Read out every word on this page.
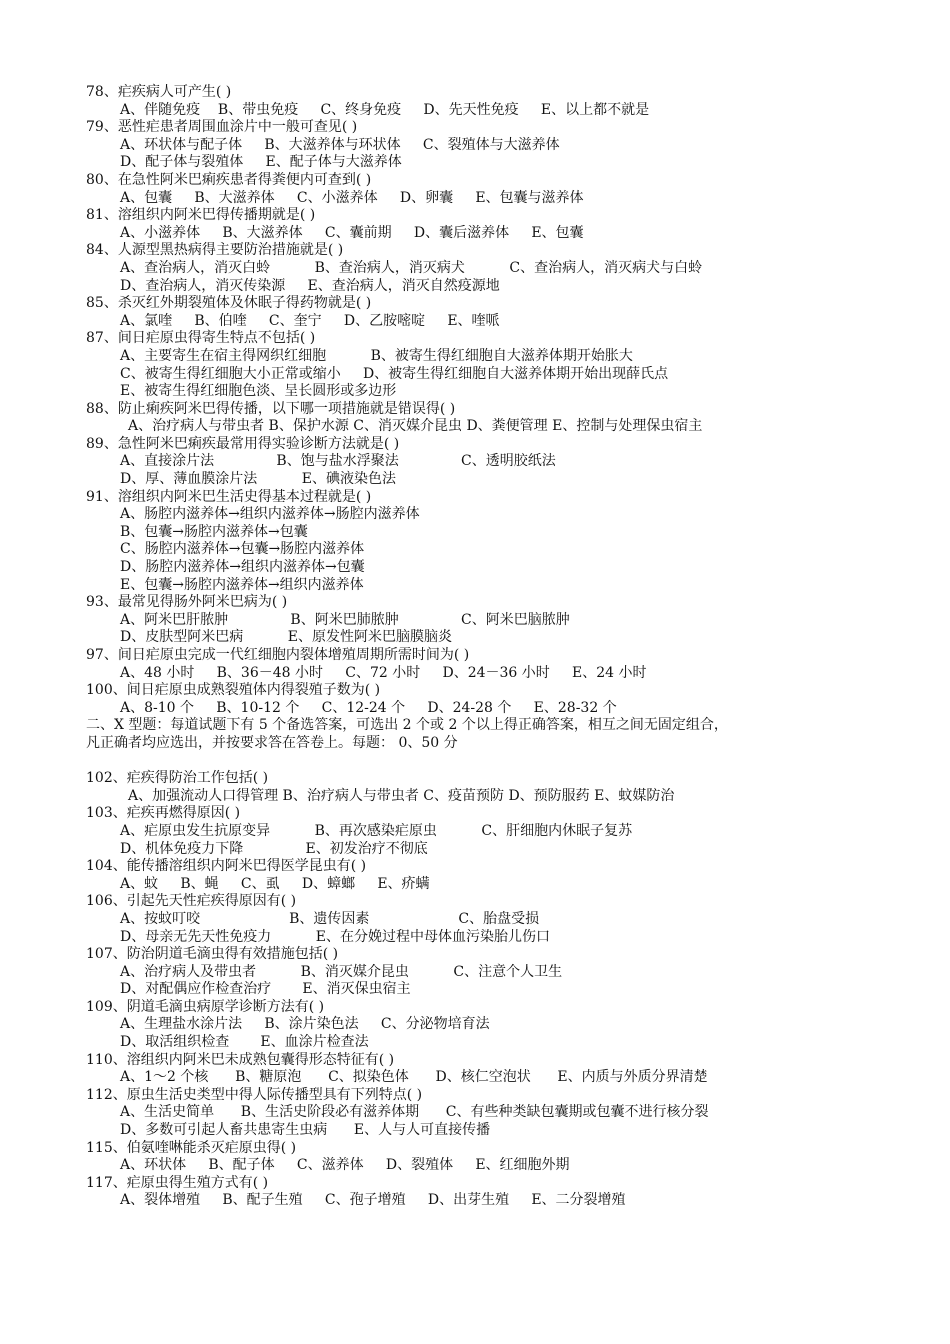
78、疟疾病人可产生( )
A、伴随免疫    B、带虫免疫     C、终身免疫     D、先天性免疫     E、以上都不就是
79、恶性疟患者周围血涂片中一般可查见( )
A、环状体与配子体     B、大滋养体与环状体     C、裂殖体与大滋养体
D、配子体与裂殖体     E、配子体与大滋养体
80、在急性阿米巴痢疾患者得粪便内可查到( )
A、包囊     B、大滋养体     C、小滋养体     D、卵囊     E、包囊与滋养体
81、溶组织内阿米巴得传播期就是( )
A、小滋养体     B、大滋养体     C、囊前期     D、囊后滋养体     E、包囊
84、人源型黑热病得主要防治措施就是( )
A、查治病人，消灭白蛉          B、查治病人，消灭病犬          C、查治病人，消灭病犬与白蛉
D、查治病人，消灭传染源     E、查治病人，消灭自然疫源地
85、杀灭红外期裂殖体及休眠子得药物就是( )
A、氯喹     B、伯喹     C、奎宁     D、乙胺嘧啶     E、喹哌
87、间日疟原虫得寄生特点不包括( )
A、主要寄生在宿主得网织红细胞          B、被寄生得红细胞自大滋养体期开始胀大
C、被寄生得红细胞大小正常或缩小     D、被寄生得红细胞自大滋养体期开始出现薛氏点
E、被寄生得红细胞色淡、呈长圆形或多边形
88、防止痢疾阿米巴得传播，以下哪一项措施就是错误得( )
　　　A、治疗病人与带虫者 B、保护水源 C、消灭媒介昆虫 D、粪便管理 E、控制与处理保虫宿主
89、急性阿米巴痢疾最常用得实验诊断方法就是( )
A、直接涂片法              B、饱与盐水浮聚法              C、透明胶纸法
D、厚、薄血膜涂片法          E、碘液染色法
91、溶组织内阿米巴生活史得基本过程就是( )
A、肠腔内滋养体→组织内滋养体→肠腔内滋养体
B、包囊→肠腔内滋养体→包囊
C、肠腔内滋养体→包囊→肠腔内滋养体
D、肠腔内滋养体→组织内滋养体→包囊
E、包囊→肠腔内滋养体→组织内滋养体
93、最常见得肠外阿米巴病为( )
A、阿米巴肝脓肿              B、阿米巴肺脓肿              C、阿米巴脑脓肿
D、皮肤型阿米巴病          E、原发性阿米巴脑膜脑炎
97、间日疟原虫完成一代红细胞内裂体增殖周期所需时间为( )
A、48 小时     B、36－48 小时     C、72 小时     D、24－36 小时     E、24 小时
100、间日疟原虫成熟裂殖体内得裂殖子数为( )
A、8-10 个     B、10-12 个     C、12-24 个     D、24-28 个     E、28-32 个
二、X 型题：每道试题下有 5 个备选答案，可选出 2 个或 2 个以上得正确答案，相互之间无固定组合，
凡正确者均应选出，并按要求答在答卷上。每题： 0、50 分
102、疟疾得防治工作包括( )
　　　A、加强流动人口得管理 B、治疗病人与带虫者 C、疫苗预防 D、预防服药 E、蚊媒防治
103、疟疾再燃得原因( )
A、疟原虫发生抗原变异          B、再次感染疟原虫          C、肝细胞内休眠子复苏
D、机体免疫力下降              E、初发治疗不彻底
104、能传播溶组织内阿米巴得医学昆虫有( )
A、蚊     B、蝇     C、虱     D、蟑螂     E、疥螨
106、引起先天性疟疾得原因有( )
A、按蚊叮咬                    B、遗传因素                    C、胎盘受损
D、母亲无先天性免疫力          E、在分娩过程中母体血污染胎儿伤口
107、防治阴道毛滴虫得有效措施包括( )
A、治疗病人及带虫者          B、消灭媒介昆虫          C、注意个人卫生
D、对配偶应作检查治疗       E、消灭保虫宿主
109、阴道毛滴虫病原学诊断方法有( )
A、生理盐水涂片法     B、涂片染色法     C、分泌物培育法
D、取活组织检查       E、血涂片检查法
110、溶组织内阿米巴未成熟包囊得形态特征有( )
A、1～2 个核      B、糖原泡      C、拟染色体      D、核仁空泡状      E、内质与外质分界清楚
112、原虫生活史类型中得人际传播型具有下列特点( )
A、生活史简单      B、生活史阶段必有滋养体期      C、有些种类缺包囊期或包囊不进行核分裂
D、多数可引起人畜共患寄生虫病      E、人与人可直接传播
115、伯氨喹啉能杀灭疟原虫得( )
A、环状体     B、配子体     C、滋养体     D、裂殖体     E、红细胞外期
117、疟原虫得生殖方式有( )
A、裂体增殖     B、配子生殖     C、孢子增殖     D、出芽生殖     E、二分裂增殖
